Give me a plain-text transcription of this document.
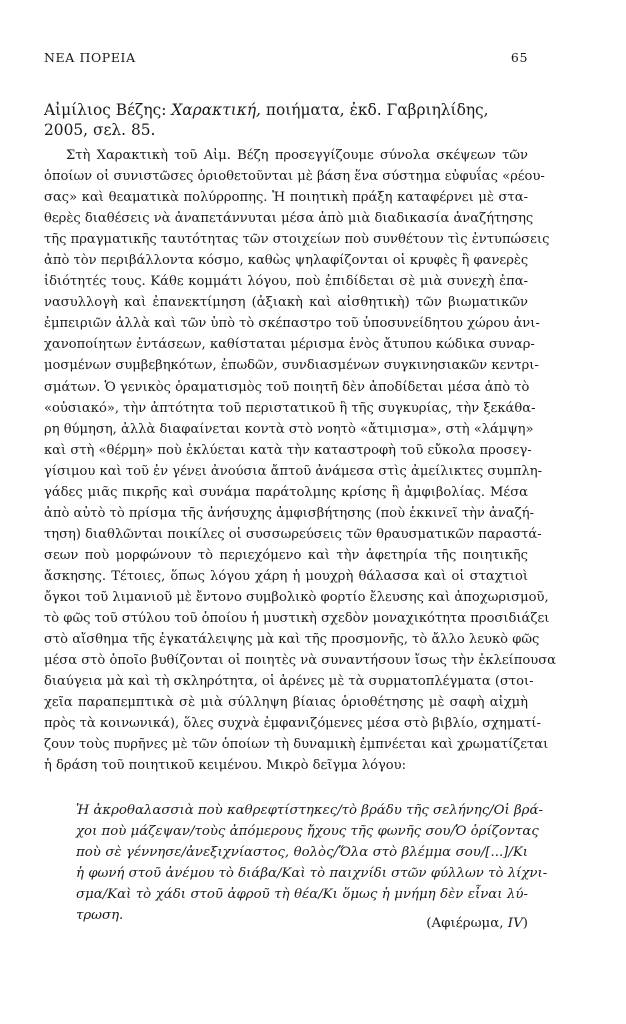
ΝΕΑ ΠΟΡΕΙΑ	65
Αἰμίλιος Βέζης: Χαρακτική, ποιήματα, ἐκδ. Γαβριηλίδης, 2005, σελ. 85.
Στὴ Χαρακτικὴ τοῦ Αἰμ. Βέζη προσεγγίζουμε σύνολα σκέψεων τῶν
ὁποίων οἱ συνιστῶσες ὁριοθετοῦνται μὲ βάση ἕνα σύστημα εὐφυΐας «ρέου-
σας» καὶ θεαματικὰ πολύρροπης. Ἡ ποιητικὴ πράξη καταφέρνει μὲ στα-
θερὲς διαθέσεις νὰ ἀναπετάννυται μέσα ἀπὸ μιὰ διαδικασία ἀναζήτησης
τῆς πραγματικῆς ταυτότητας τῶν στοιχείων ποὺ συνθέτουν τὶς ἐντυπώσεις
ἀπὸ τὸν περιβάλλοντα κόσμο, καθὼς ψηλαφίζονται οἱ κρυφὲς ἢ φανερὲς
ἰδιότητές τους. Κάθε κομμάτι λόγου, ποὺ ἐπιδίδεται σὲ μιὰ συνεχὴ ἐπα-
νασυλλογὴ καὶ ἐπανεκτίμηση (ἀξιακὴ καὶ αἰσθητικὴ) τῶν βιωματικῶν
ἐμπειριῶν ἀλλὰ καὶ τῶν ὑπὸ τὸ σκέπαστρο τοῦ ὑποσυνείδητου χώρου ἀνι-
χανοποίητων ἐντάσεων, καθίσταται μέρισμα ἑνὸς ἄτυπου κώδικα συναρ-
μοσμένων συμβεβηκότων, ἐπωδῶν, συνδιασμένων συγκινησιακῶν κεντρι-
σμάτων. Ὁ γενικὸς ὁραματισμὸς τοῦ ποιητῆ δὲν ἀποδίδεται μέσα ἀπὸ τὸ
«οὐσιακό», τὴν ἀπτότητα τοῦ περιστατικοῦ ἢ τῆς συγκυρίας, τὴν ξεκάθα-
ρη θύμηση, ἀλλὰ διαφαίνεται κοντὰ στὸ νοητὸ «ἄτιμισμα», στὴ «λάμψη»
καὶ στὴ «θέρμη» ποὺ ἐκλύεται κατὰ τὴν καταστροφὴ τοῦ εὔκολα προσεγ-
γίσιμου καὶ τοῦ ἐν γένει ἀνούσια ἄπτοῦ ἀνάμεσα στὶς ἀμείλικτες συμπλη-
γάδες μιᾶς πικρῆς καὶ συνάμα παράτολμης κρίσης ἢ ἀμφιβολίας. Μέσα
ἀπὸ αὐτὸ τὸ πρίσμα τῆς ἀνήσυχης ἀμφισβήτησης (ποὺ ἐκκινεῖ τὴν ἀναζή-
τηση) διαθλῶνται ποικίλες οἱ συσσωρεύσεις τῶν θραυσματικῶν παραστά-
σεων ποὺ μορφώνουν τὸ περιεχόμενο καὶ τὴν ἀφετηρία τῆς ποιητικῆς
ἄσκησης. Τέτοιες, ὅπως λόγου χάρη ἡ μουχρὴ θάλασσα καὶ οἱ σταχτιοὶ
ὄγκοι τοῦ λιμανιοῦ μὲ ἔντονο συμβολικὸ φορτίο ἔλευσης καὶ ἀποχωρισμοῦ,
τὸ φῶς τοῦ στύλου τοῦ ὁποίου ἡ μυστικὴ σχεδὸν μοναχικότητα προσιδιάζει
στὸ αἴσθημα τῆς ἐγκατάλειψης μὰ καὶ τῆς προσμονῆς, τὸ ἄλλο λευκὸ φῶς
μέσα στὸ ὁποῖο βυθίζονται οἱ ποιητὲς νὰ συναντήσουν ἴσως τὴν ἐκλείπουσα
διαύγεια μὰ καὶ τὴ σκληρότητα, οἱ ἀρένες μὲ τὰ συρματοπλέγματα (στοι-
χεῖα παραπεμπτικὰ σὲ μιὰ σύλληψη βίαιας ὁριοθέτησης μὲ σαφὴ αἰχμὴ
πρὸς τὰ κοινωνικά), ὅλες συχνὰ ἐμφανιζόμενες μέσα στὸ βιβλίο, σχηματί-
ζουν τοὺς πυρῆνες μὲ τῶν ὁποίων τὴ δυναμικὴ ἐμπνέεται καὶ χρωματίζεται
ἡ δράση τοῦ ποιητικοῦ κειμένου. Μικρὸ δεῖγμα λόγου:
Ἡ ἀκροθαλασσιὰ ποὺ καθρεφτίστηκες/τὸ βράδυ τῆς σελήνης/Οἱ βρά-
χοι ποὺ μάζεψαν/τοὺς ἀπόμερους ἤχους τῆς φωνῆς σου/Ὁ ὁρίζοντας
ποὺ σὲ γέννησε/ἀνεξιχνίαστος, θολὸς/Ὅλα στὸ βλέμμα σου/[...]/Κι
ἡ φωνή στοῦ ἀνέμου τὸ διάβα/Καὶ τὸ παιχνίδι στῶν φύλλων τὸ λίχνι-
σμα/Καὶ τὸ χάδι στοῦ ἀφροῦ τὴ θέα/Κι ὅμως ἡ μνήμη δὲν εἶναι λύ-
τρωση.
(Αφιέρωμα, IV)
